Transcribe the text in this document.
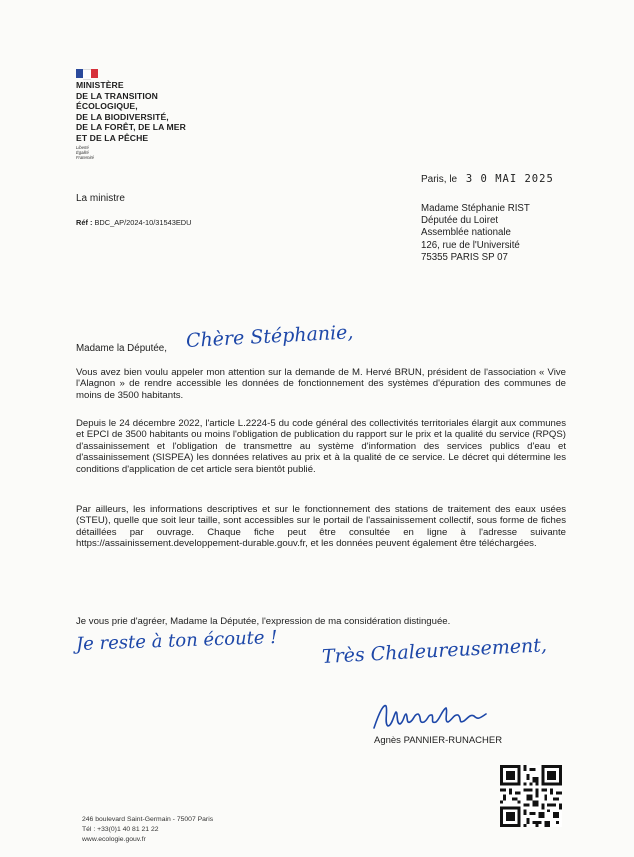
MINISTÈRE
DE LA TRANSITION
ÉCOLOGIQUE,
DE LA BIODIVERSITÉ,
DE LA FORÊT, DE LA MER
ET DE LA PÊCHE
Liberté
Égalité
Fraternité
La ministre
Réf : BDC_AP/2024-10/31543EDU
Paris, le 3 0 MAI 2025
Madame Stéphanie RIST
Députée du Loiret
Assemblée nationale
126, rue de l'Université
75355 PARIS SP 07
Madame la Députée, Chère Stéphanie,
Vous avez bien voulu appeler mon attention sur la demande de M. Hervé BRUN, président de l'association « Vive l'Alagnon » de rendre accessible les données de fonctionnement des systèmes d'épuration des communes de moins de 3500 habitants.
Depuis le 24 décembre 2022, l'article L.2224-5 du code général des collectivités territoriales élargit aux communes et EPCI de 3500 habitants ou moins l'obligation de publication du rapport sur le prix et la qualité du service (RPQS) d'assainissement et l'obligation de transmettre au système d'information des services publics d'eau et d'assainissement (SISPEA) les données relatives au prix et à la qualité de ce service. Le décret qui détermine les conditions d'application de cet article sera bientôt publié.
Par ailleurs, les informations descriptives et sur le fonctionnement des stations de traitement des eaux usées (STEU), quelle que soit leur taille, sont accessibles sur le portail de l'assainissement collectif, sous forme de fiches détaillées par ouvrage. Chaque fiche peut être consultée en ligne à l'adresse suivante https://assainissement.developpement-durable.gouv.fr, et les données peuvent également être téléchargées.
Je vous prie d'agréer, Madame la Députée, l'expression de ma considération distinguée.
Je reste à ton écoute ! Très Chaleureusement,
Agnès PANNIER-RUNACHER
246 boulevard Saint-Germain - 75007 Paris
Tél : +33(0)1 40 81 21 22
www.ecologie.gouv.fr
